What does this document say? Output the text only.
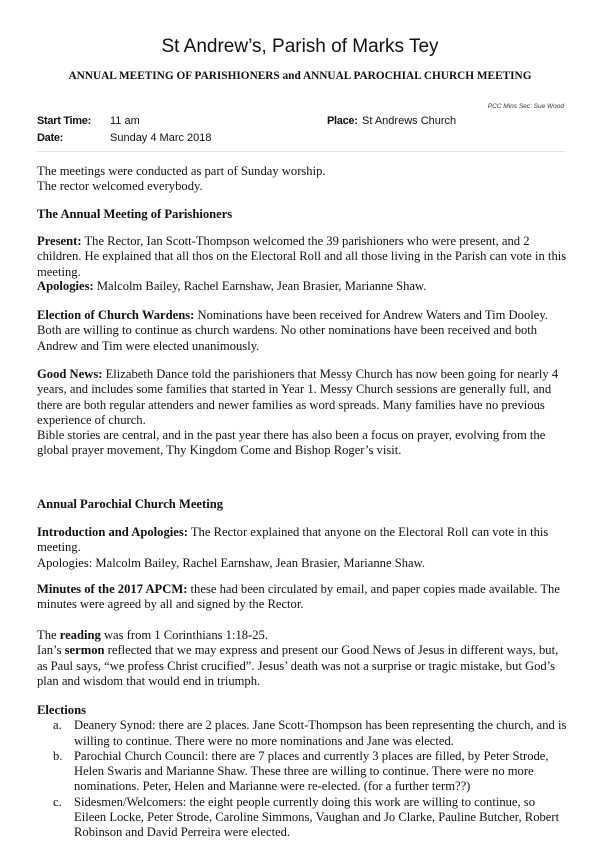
St Andrew’s, Parish of Marks Tey
ANNUAL MEETING OF PARISHIONERS and ANNUAL PAROCHIAL CHURCH MEETING
PCC Mins Sec: Sue Wood
Start Time: 11 am
Date:	Sunday 4 Marc 2018
Place: St Andrews Church

The meetings were conducted as part of Sunday worship.

The rector welcomed everybody.

The Annual Meeting of Parishioners

Present: The Rector, Ian Scott-Thompson welcomed the 39 parishioners who were present, and 2 children. He explained that all thos on the Electoral Roll and all those living in the Parish can vote in this meeting.

Apologies: Malcolm Bailey, Rachel Earnshaw, Jean Brasier, Marianne Shaw.

Election of Church Wardens: Nominations have been received for Andrew Waters and Tim Dooley. Both are willing to continue as church wardens. No other nominations have been received and both Andrew and Tim were elected unanimously.

Good News: Elizabeth Dance told the parishioners that Messy Church has now been going for nearly 4 years, and includes some families that started in Year 1. Messy Church sessions are generally full, and there are both regular attenders and newer families as word spreads. Many families have no previous experience of church.

Bible stories are central, and in the past year there has also been a focus on prayer, evolving from the global prayer movement, Thy Kingdom Come and Bishop Roger’s visit.

Annual Parochial Church Meeting

Introduction and Apologies: The Rector explained that anyone on the Electoral Roll can vote in this meeting.

Apologies: Malcolm Bailey, Rachel Earnshaw, Jean Brasier, Marianne Shaw.

Minutes of the 2017 APCM: these had been circulated by email, and paper copies made available. The minutes were agreed by all and signed by the Rector.

The reading was from 1 Corinthians 1:18-25.

Ian’s sermon reflected that we may express and present our Good News of Jesus in different ways, but, as Paul says, “we profess Christ crucified”. Jesus’ death was not a surprise or tragic mistake, but God’s plan and wisdom that would end in triumph.

Elections

a. Deanery Synod: there are 2 places. Jane Scott-Thompson has been representing the church, and is willing to continue. There were no more nominations and Jane was elected.
b. Parochial Church Council: there are 7 places and currently 3 places are filled, by Peter Strode, Helen Swaris and Marianne Shaw. These three are willing to continue. There were no more nominations. Peter, Helen and Marianne were re-elected. (for a further term??)
c. Sidesmen/Welcomers: the eight people currently doing this work are willing to continue, so Eileen Locke, Peter Strode, Caroline Simmons, Vaughan and Jo Clarke, Pauline Butcher, Robert Robinson and David Perreira were elected.
